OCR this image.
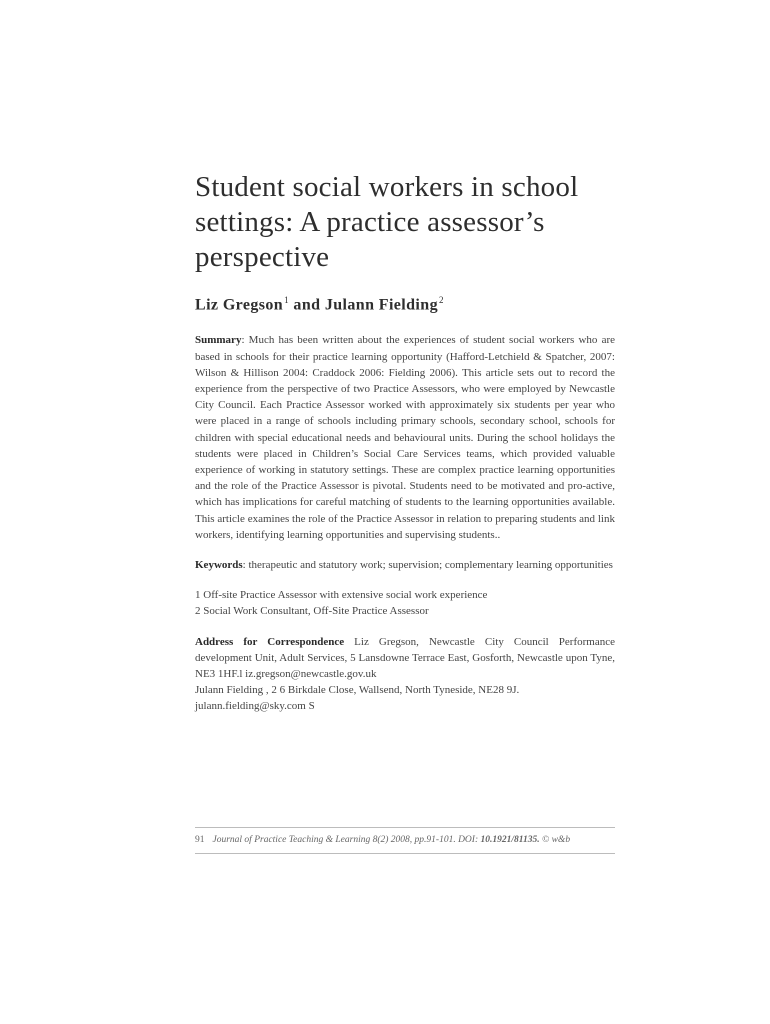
Student social workers in school settings: A practice assessor’s perspective
Liz Gregson$^1$ and Julann Fielding$^2$

Summary: Much has been written about the experiences of student social workers who are based in schools for their practice learning opportunity (Hafford-Letchield & Spatcher, 2007: Wilson & Hillison 2004: Craddock 2006: Fielding 2006). This article sets out to record the experience from the perspective of two Practice Assessors, who were employed by Newcastle City Council. Each Practice Assessor worked with approximately six students per year who were placed in a range of schools including primary schools, secondary school, schools for children with special educational needs and behavioural units. During the school holidays the students were placed in Children’s Social Care Services teams, which provided valuable experience of working in statutory settings. These are complex practice learning opportunities and the role of the Practice Assessor is pivotal. Students need to be motivated and pro-active, which has implications for careful matching of students to the learning opportunities available. This article examines the role of the Practice Assessor in relation to preparing students and link workers, identifying learning opportunities and supervising students..

Keywords: therapeutic and statutory work; supervision; complementary learning opportunities

1 Off-site Practice Assessor with extensive social work experience
2 Social Work Consultant, Off-Site Practice Assessor
Address for Correspondence Liz Gregson, Newcastle City Council Performance development Unit, Adult Services, 5 Lansdowne Terrace East, Gosforth, Newcastle upon Tyne, NE3 1HF.l iz.gregson@newcastle.gov.uk
Julann Fielding , 2 6 Birkdale Close, Wallsend, North Tyneside, NE28 9J.
julann.fielding@sky.com S
91 Journal of Practice Teaching & Learning 8(2) 2008, pp.91-101. DOI: 10.1921/81135. © w&b
